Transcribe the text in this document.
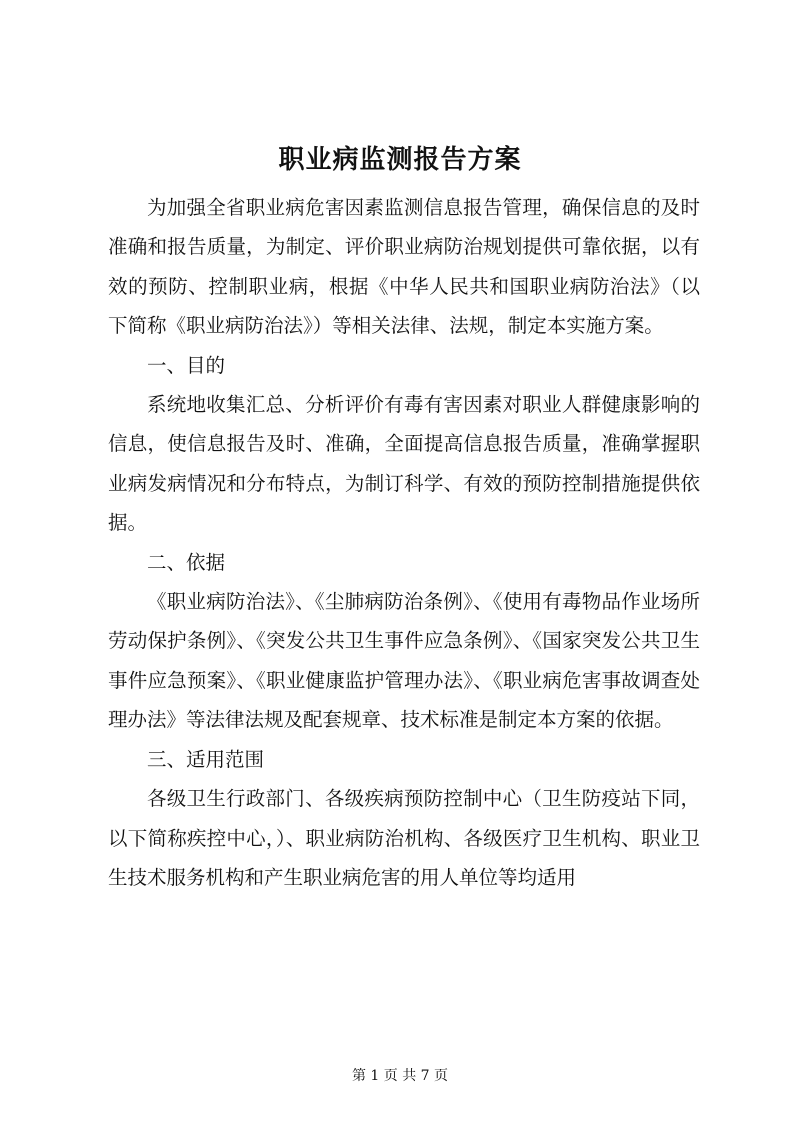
职业病监测报告方案

为加强全省职业病危害因素监测信息报告管理，确保信息的及时准确和报告质量，为制定、评价职业病防治规划提供可靠依据，以有效的预防、控制职业病，根据《中华人民共和国职业病防治法》（以下简称《职业病防治法》）等相关法律、法规，制定本实施方案。

一、目的

系统地收集汇总、分析评价有毒有害因素对职业人群健康影响的信息，使信息报告及时、准确，全面提高信息报告质量，准确掌握职业病发病情况和分布特点，为制订科学、有效的预防控制措施提供依据。

二、依据

《职业病防治法》、《尘肺病防治条例》、《使用有毒物品作业场所劳动保护条例》、《突发公共卫生事件应急条例》、《国家突发公共卫生事件应急预案》、《职业健康监护管理办法》、《职业病危害事故调查处理办法》等法律法规及配套规章、技术标准是制定本方案的依据。

三、适用范围

各级卫生行政部门、各级疾病预防控制中心（卫生防疫站下同，以下简称疾控中心，）、职业病防治机构、各级医疗卫生机构、职业卫生技术服务机构和产生职业病危害的用人单位等均适用

第 1 页 共 7 页
